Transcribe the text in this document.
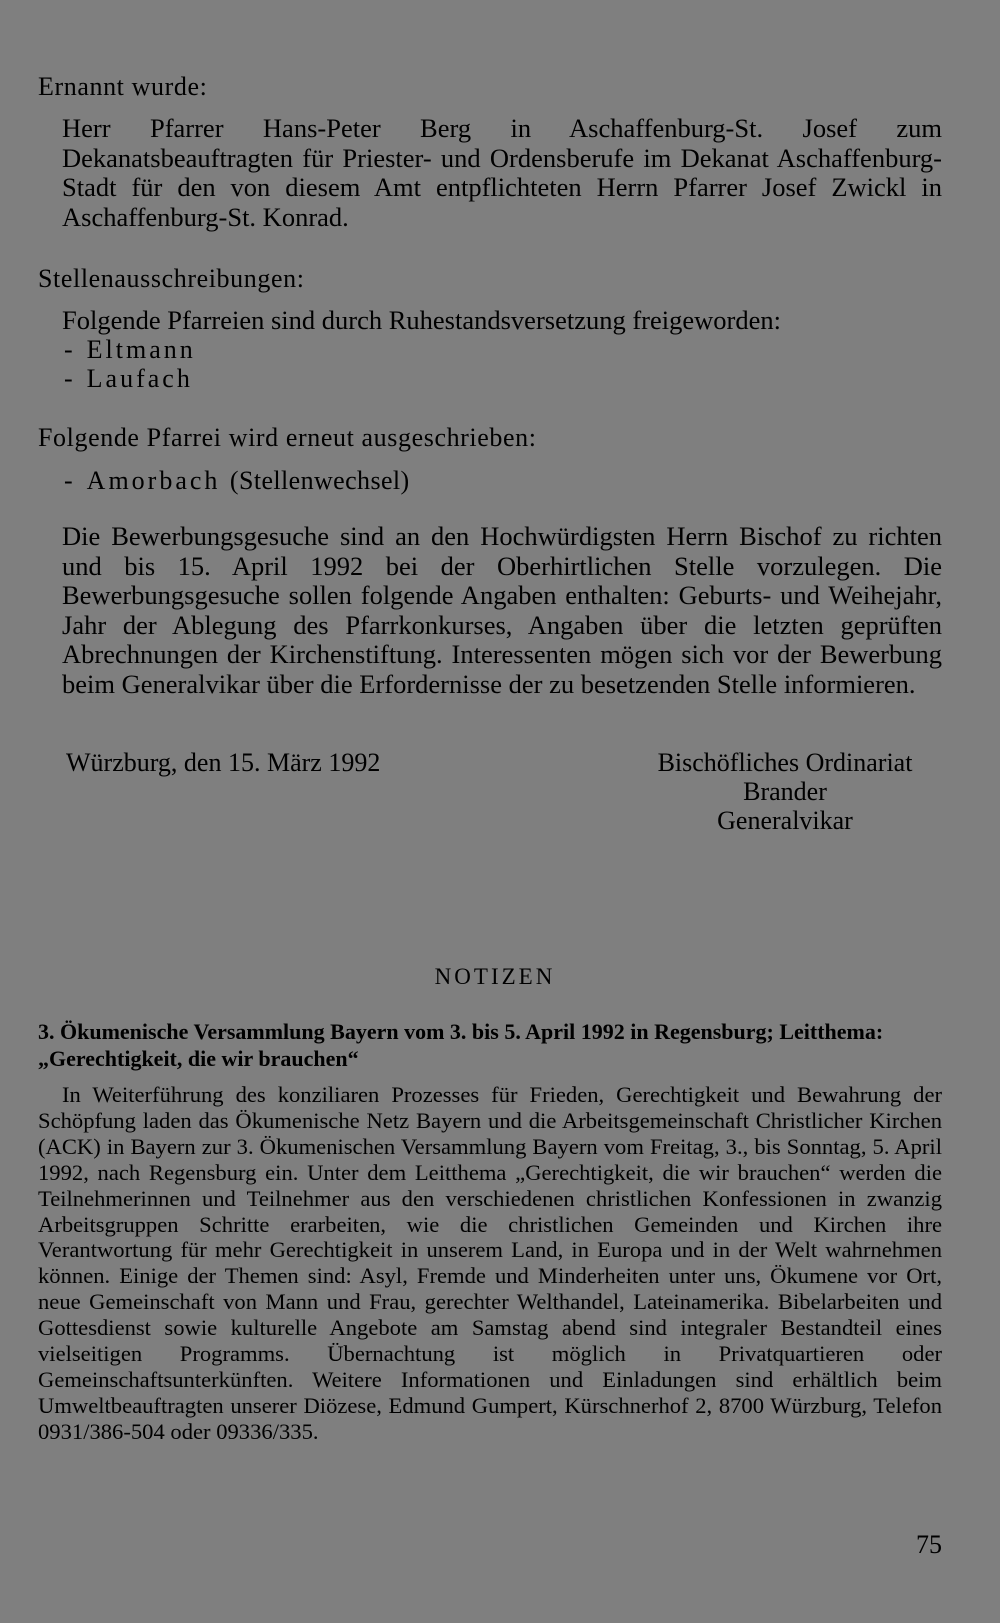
Ernannt wurde:

Herr Pfarrer Hans-Peter Berg in Aschaffenburg-St. Josef zum Dekanatsbeauftragten für Priester- und Ordensberufe im Dekanat Aschaffenburg-Stadt für den von diesem Amt entpflichteten Herrn Pfarrer Josef Zwickl in Aschaffenburg-St. Konrad.

Stellenausschreibungen:
Folgende Pfarreien sind durch Ruhestandsversetzung freigeworden:
- Eltmann
- Laufach
Folgende Pfarrei wird erneut ausgeschrieben:
- Amorbach (Stellenwechsel)

Die Bewerbungsgesuche sind an den Hochwürdigsten Herrn Bischof zu richten und bis 15. April 1992 bei der Oberhirtlichen Stelle vorzulegen. Die Bewerbungsgesuche sollen folgende Angaben enthalten: Geburts- und Weihejahr, Jahr der Ablegung des Pfarrkonkurses, Angaben über die letzten geprüften Abrechnungen der Kirchenstiftung. Interessenten mögen sich vor der Bewerbung beim Generalvikar über die Erfordernisse der zu besetzenden Stelle informieren.

Würzburg, den 15. März 1992	Bischöfliches Ordinariat
Brander
Generalvikar
NOTIZEN
3. Ökumenische Versammlung Bayern vom 3. bis 5. April 1992 in Regensburg; Leitthema: „Gerechtigkeit, die wir brauchen“

In Weiterführung des konziliaren Prozesses für Frieden, Gerechtigkeit und Bewahrung der Schöpfung laden das Ökumenische Netz Bayern und die Arbeitsgemeinschaft Christlicher Kirchen (ACK) in Bayern zur 3. Ökumenischen Versammlung Bayern vom Freitag, 3., bis Sonntag, 5. April 1992, nach Regensburg ein. Unter dem Leitthema „Gerechtigkeit, die wir brauchen“ werden die Teilnehmerinnen und Teilnehmer aus den verschiedenen christlichen Konfessionen in zwanzig Arbeitsgruppen Schritte erarbeiten, wie die christlichen Gemeinden und Kirchen ihre Verantwortung für mehr Gerechtigkeit in unserem Land, in Europa und in der Welt wahrnehmen können. Einige der Themen sind: Asyl, Fremde und Minderheiten unter uns, Ökumene vor Ort, neue Gemeinschaft von Mann und Frau, gerechter Welthandel, Lateinamerika. Bibelarbeiten und Gottesdienst sowie kulturelle Angebote am Samstag abend sind integraler Bestandteil eines vielseitigen Programms. Übernachtung ist möglich in Privatquartieren oder Gemeinschaftsunterkünften. Weitere Informationen und Einladungen sind erhältlich beim Umweltbeauftragten unserer Diözese, Edmund Gumpert, Kürschnerhof 2, 8700 Würzburg, Telefon 0931/386-504 oder 09336/335.

75
